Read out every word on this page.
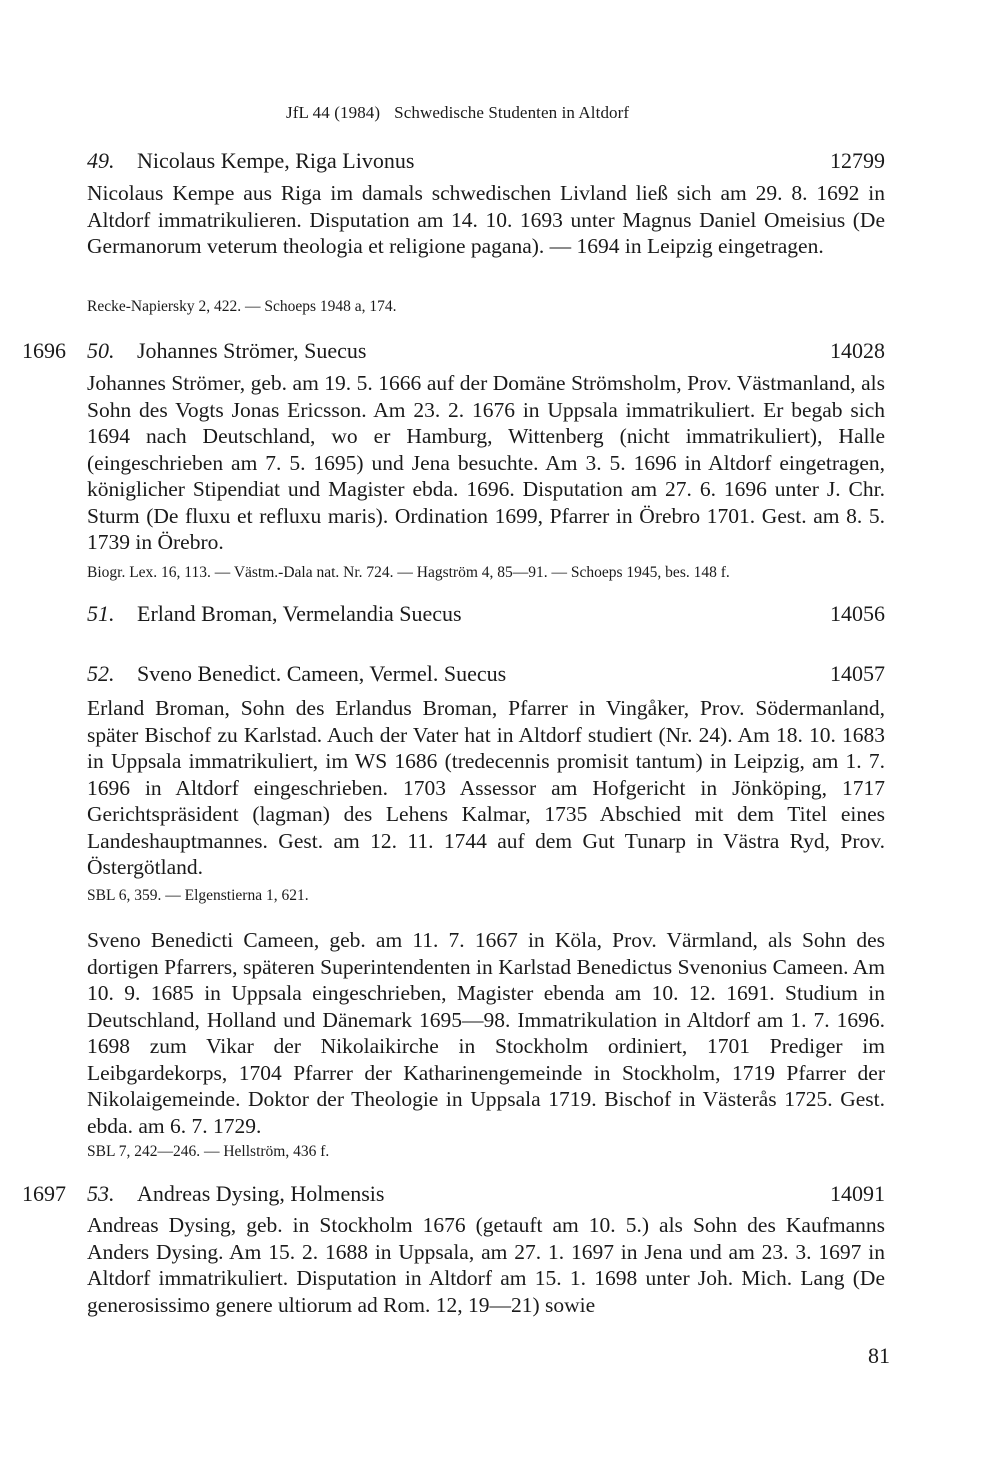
JfL 44 (1984) Schwedische Studenten in Altdorf
49. Nicolaus Kempe, Riga Livonus	12799

Nicolaus Kempe aus Riga im damals schwedischen Livland ließ sich am 29. 8. 1692 in Altdorf immatrikulieren. Disputation am 14. 10. 1693 unter Magnus Daniel Omeisius (De Germanorum veterum theologia et religione pagana). — 1694 in Leipzig eingetragen.

Recke-Napiersky 2, 422. — Schoeps 1948 a, 174.

1696 50. Johannes Strömer, Suecus	14028

Johannes Strömer, geb. am 19. 5. 1666 auf der Domäne Strömsholm, Prov. Västmanland, als Sohn des Vogts Jonas Ericsson. Am 23. 2. 1676 in Uppsala immatrikuliert. Er begab sich 1694 nach Deutschland, wo er Hamburg, Wittenberg (nicht immatrikuliert), Halle (eingeschrieben am 7. 5. 1695) und Jena besuchte. Am 3. 5. 1696 in Altdorf eingetragen, königlicher Stipendiat und Magister ebda. 1696. Disputation am 27. 6. 1696 unter J. Chr. Sturm (De fluxu et refluxu maris). Ordination 1699, Pfarrer in Örebro 1701. Gest. am 8. 5. 1739 in Örebro.

Biogr. Lex. 16, 113. — Västm.-Dala nat. Nr. 724. — Hagström 4, 85—91. — Schoeps 1945, bes. 148 f.

51. Erland Broman, Vermelandia Suecus	14056
52. Sveno Benedict. Cameen, Vermel. Suecus	14057

Erland Broman, Sohn des Erlandus Broman, Pfarrer in Vingåker, Prov. Södermanland, später Bischof zu Karlstad. Auch der Vater hat in Altdorf studiert (Nr. 24). Am 18. 10. 1683 in Uppsala immatrikuliert, im WS 1686 (tredecennis promisit tantum) in Leipzig, am 1. 7. 1696 in Altdorf eingeschrieben. 1703 Assessor am Hofgericht in Jönköping, 1717 Gerichtspräsident (lagman) des Lehens Kalmar, 1735 Abschied mit dem Titel eines Landeshauptmannes. Gest. am 12. 11. 1744 auf dem Gut Tunarp in Västra Ryd, Prov. Östergötland.

SBL 6, 359. — Elgenstierna 1, 621.

Sveno Benedicti Cameen, geb. am 11. 7. 1667 in Köla, Prov. Värmland, als Sohn des dortigen Pfarrers, späteren Superintendenten in Karlstad Benedictus Svenonius Cameen. Am 10. 9. 1685 in Uppsala eingeschrieben, Magister ebenda am 10. 12. 1691. Studium in Deutschland, Holland und Dänemark 1695—98. Immatrikulation in Altdorf am 1. 7. 1696. 1698 zum Vikar der Nikolaikirche in Stockholm ordiniert, 1701 Prediger im Leibgardekorps, 1704 Pfarrer der Katharinengemeinde in Stockholm, 1719 Pfarrer der Nikolaigemeinde. Doktor der Theologie in Uppsala 1719. Bischof in Västerås 1725. Gest. ebda. am 6. 7. 1729.

SBL 7, 242—246. — Hellström, 436 f.

1697 53. Andreas Dysing, Holmensis	14091

Andreas Dysing, geb. in Stockholm 1676 (getauft am 10. 5.) als Sohn des Kaufmanns Anders Dysing. Am 15. 2. 1688 in Uppsala, am 27. 1. 1697 in Jena und am 23. 3. 1697 in Altdorf immatrikuliert. Disputation in Altdorf am 15. 1. 1698 unter Joh. Mich. Lang (De generosissimo genere ultiorum ad Rom. 12, 19—21) sowie

81
